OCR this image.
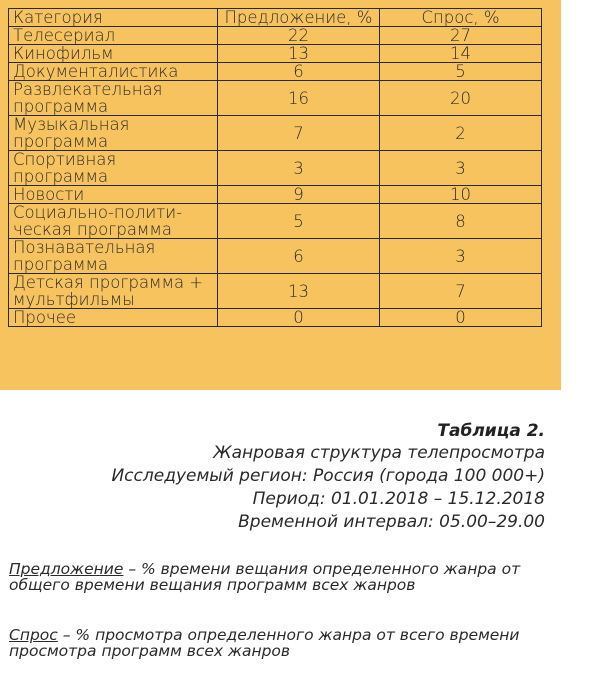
Категория	Предложение, %	Спрос, %
Телесериал	22	27
Кинофильм	13	14
Документалистика	6	5
Развлекательная программа	16	20
Музыкальная программа	7	2
Спортивная программа	3	3
Новости	9	10
Социально-полити-ческая программа	5	8
Познавательная программа	6	3
Детская программа + мультфильмы	13	7
Прочее	0	0
Таблица 2.
Жанровая структура телепросмотра
Исследуемый регион: Россия (города 100 000+)
Период: 01.01.2018 – 15.12.2018
Временной интервал: 05.00–29.00
Предложение – % времени вещания определенного жанра от общего времени вещания программ всех жанров
Спрос – % просмотра определенного жанра от всего времени просмотра программ всех жанров
